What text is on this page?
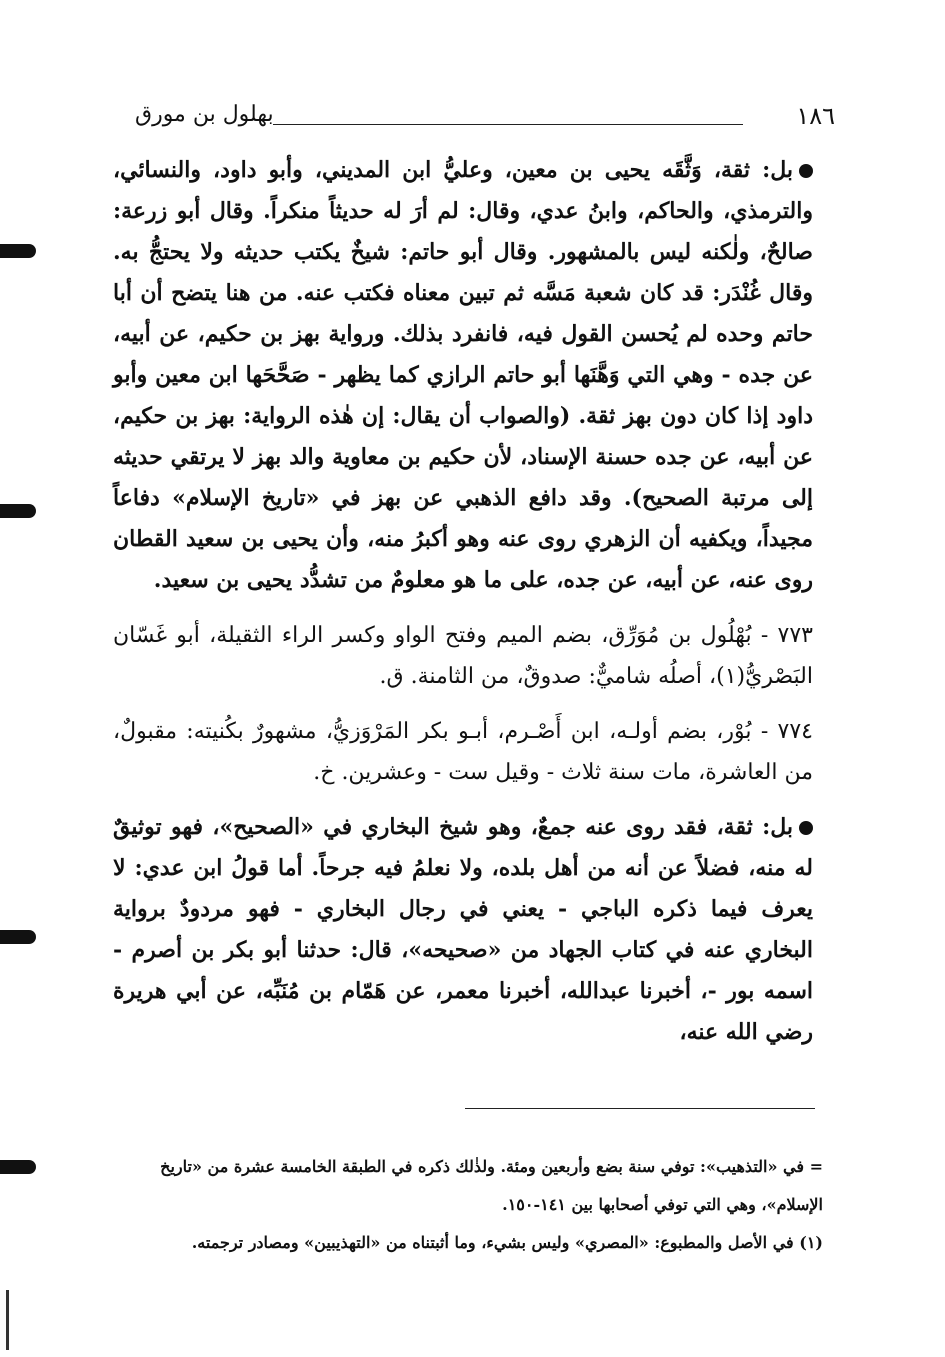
١٨٦
بهلول بن مورق

بل: ثقة، وَثَّقَه يحيى بن معين، وعليُّ ابن المديني، وأبو داود، والنسائي، والترمذي، والحاكم، وابنُ عدي، وقال: لم أرَ له حديثاً منكراً. وقال أبو زرعة: صالحٌ، ولٰكنه ليس بالمشهور. وقال أبو حاتم: شيخٌ يكتب حديثه ولا يحتجُّ به. وقال غُنْدَر: قد كان شعبة مَسَّه ثم تبين معناه فكتب عنه. من هنا يتضح أن أبا حاتم وحده لم يُحسن القول فيه، فانفرد بذلك. ورواية بهز بن حكيم، عن أبيه، عن جده - وهي التي وَهَّنَها أبو حاتم الرازي كما يظهر - صَحَّحَها ابن معين وأبو داود إذا كان دون بهز ثقة. (والصواب أن يقال: إن هٰذه الرواية: بهز بن حكيم، عن أبيه، عن جده حسنة الإسناد، لأن حكيم بن معاوية والد بهز لا يرتقي حديثه إلى مرتبة الصحيح). وقد دافع الذهبي عن بهز في «تاريخ الإسلام» دفاعاً مجيداً، ويكفيه أن الزهري روى عنه وهو أكبرُ منه، وأن يحيى بن سعيد القطان روى عنه، عن أبيه، عن جده، على ما هو معلومٌ من تشدُّد يحيى بن سعيد.

٧٧٣ - بُهْلُول بن مُوَرِّق، بضم الميم وفتح الواو وكسر الراء الثقيلة، أبو غَسّان البَصْريُّ(١)، أصلُه شاميٌّ: صدوقٌ، من الثامنة. ق.

٧٧٤ - بُوْر، بضم أولـه، ابن أَصْـرم، أبـو بكر المَرْوَزيُّ، مشهورٌ بكُنيته: مقبولٌ، من العاشرة، مات سنة ثلاث - وقيل ست - وعشرين. خ.

بل: ثقة، فقد روى عنه جمعٌ، وهو شيخ البخاري في «الصحيح»، فهو توثيقٌ له منه، فضلاً عن أنه من أهل بلده، ولا نعلمُ فيه جرحاً. أما قولُ ابن عدي: لا يعرف فيما ذكره الباجي - يعني في رجال البخاري - فهو مردودٌ برواية البخاري عنه في كتاب الجهاد من «صحيحه»، قال: حدثنا أبو بكر بن أصرم - اسمه بور -، أخبرنا عبدالله، أخبرنا معمر، عن هَمّام بن مُنَبِّه، عن أبي هريرة رضي الله عنه،

= في «التذهيب»: توفي سنة بضع وأربعين ومئة. ولذٰلك ذكره في الطبقة الخامسة عشرة من «تاريخ الإسلام»، وهي التي توفي أصحابها بين ١٤١-١٥٠.

(١) في الأصل والمطبوع: «المصري» وليس بشيء، وما أثبتناه من «التهذيبين» ومصادر ترجمته.
